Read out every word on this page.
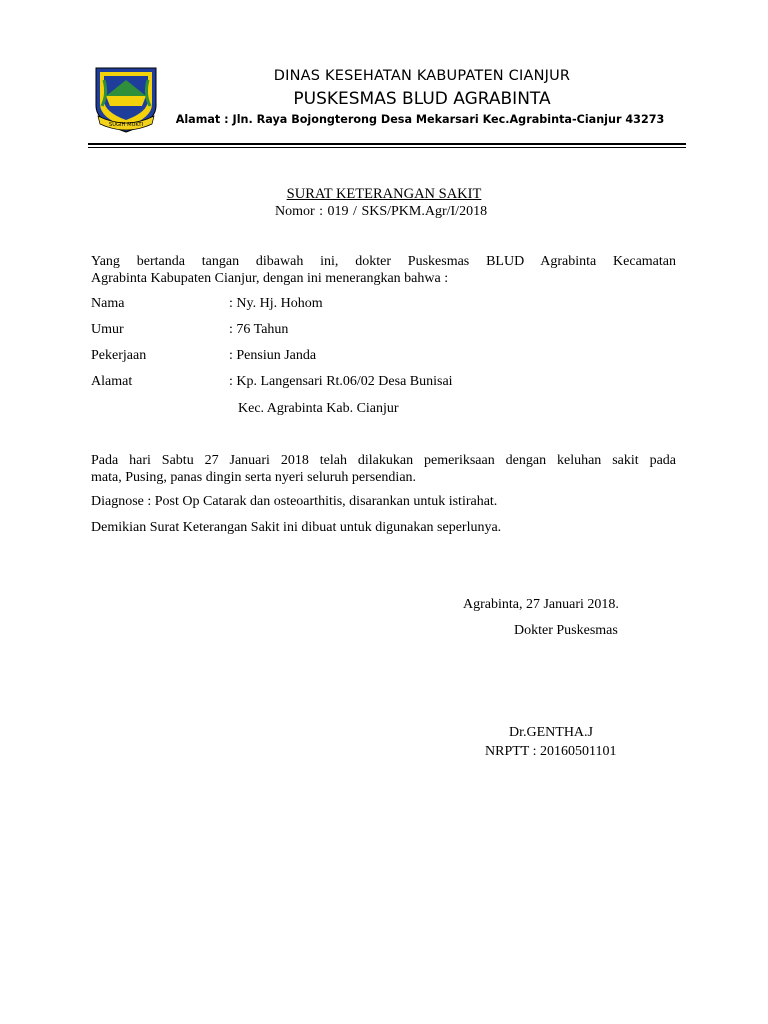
SUGIH MUKTI
DINAS KESEHATAN KABUPATEN CIANJUR
PUSKESMAS BLUD AGRABINTA
Alamat : Jln. Raya Bojongterong Desa Mekarsari Kec.Agrabinta-Cianjur 43273
SURAT KETERANGAN SAKIT
Nomor : 019 / SKS/PKM.Agr/I/2018
Yang bertanda tangan dibawah ini, dokter Puskesmas BLUD Agrabinta Kecamatan
Agrabinta Kabupaten Cianjur, dengan ini menerangkan bahwa :
Nama	: Ny. Hj. Hohom
Umur	: 76 Tahun
Pekerjaan	: Pensiun Janda
Alamat	: Kp. Langensari Rt.06/02 Desa Bunisai
Kec. Agrabinta Kab. Cianjur
Pada hari Sabtu 27 Januari 2018 telah dilakukan pemeriksaan dengan keluhan sakit pada
mata, Pusing, panas dingin serta nyeri seluruh persendian.
Diagnose : Post Op Catarak dan osteoarthitis, disarankan untuk istirahat.
Demikian Surat Keterangan Sakit ini dibuat untuk digunakan seperlunya.
Agrabinta, 27 Januari 2018.
Dokter Puskesmas
Dr.GENTHA.J
NRPTT : 20160501101
